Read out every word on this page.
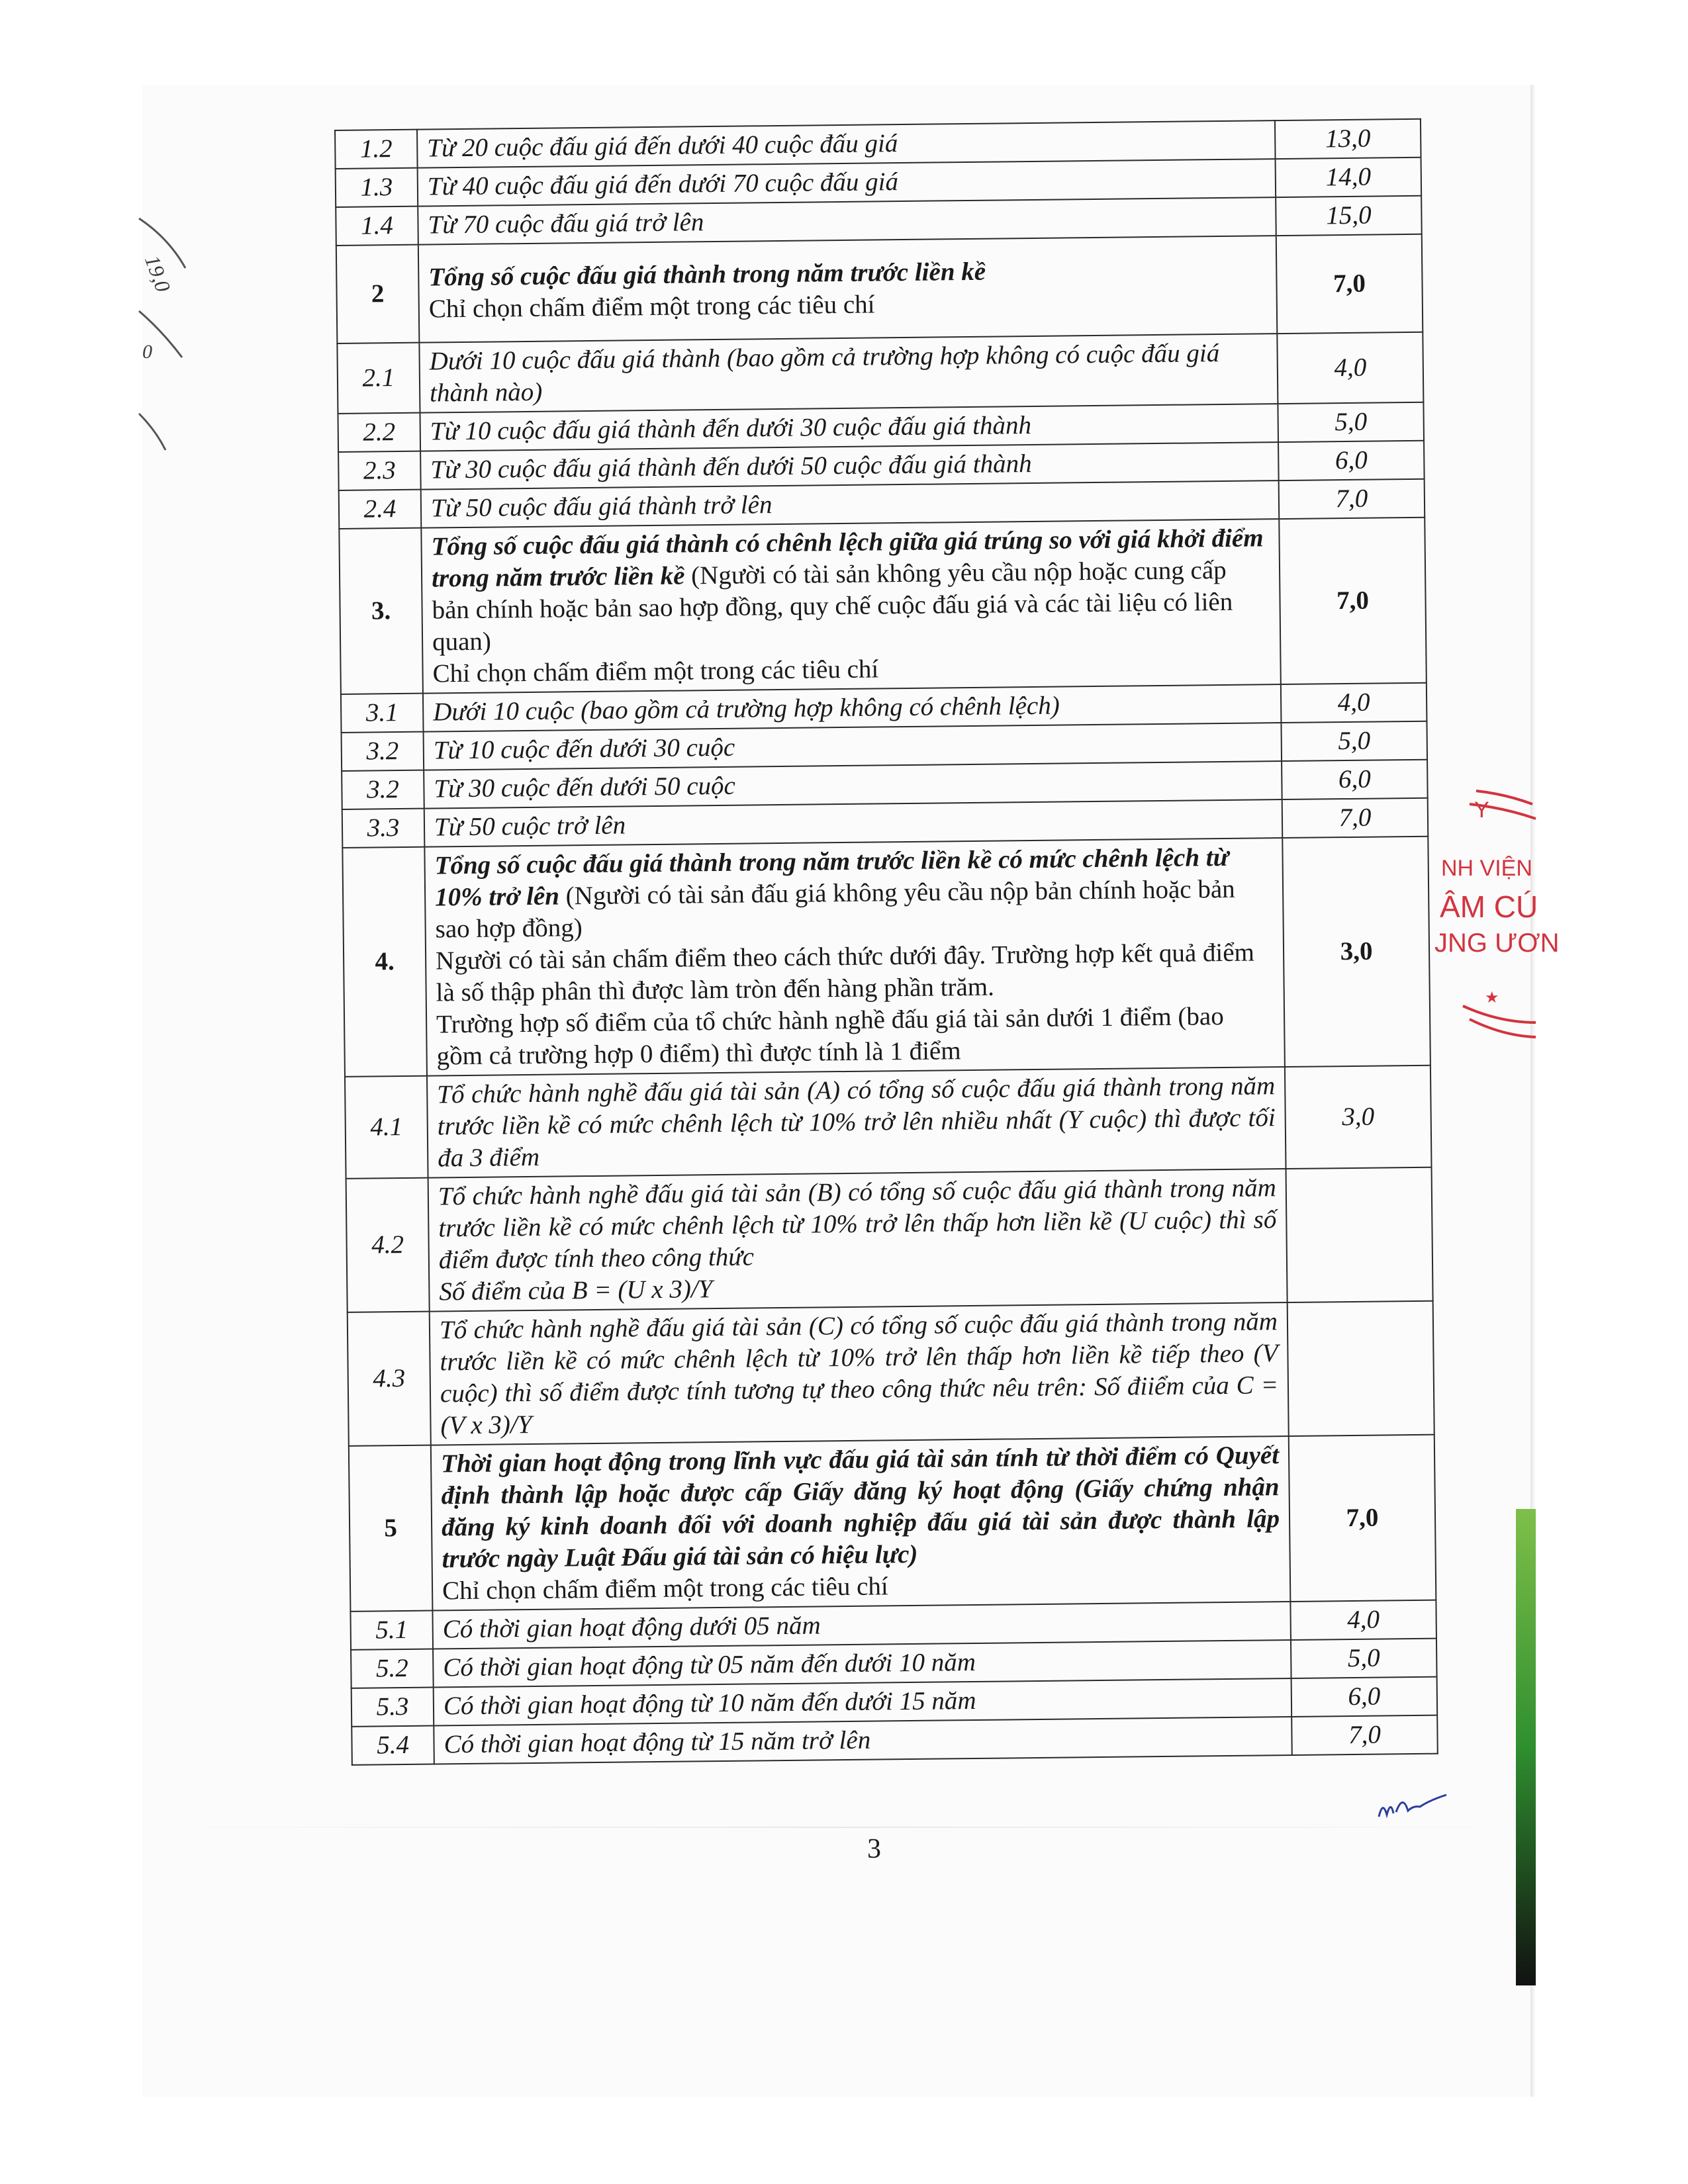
19,0
0
1.2	Từ 20 cuộc đấu giá đến dưới 40 cuộc đấu giá	13,0
1.3	Từ 40 cuộc đấu giá đến dưới 70 cuộc đấu giá	14,0
1.4	Từ 70 cuộc đấu giá trở lên	15,0
2	Tổng số cuộc đấu giá thành trong năm trước liền kề
Chỉ chọn chấm điểm một trong các tiêu chí	7,0
2.1	Dưới 10 cuộc đấu giá thành (bao gồm cả trường hợp không có cuộc đấu giá thành nào)	4,0
2.2	Từ 10 cuộc đấu giá thành đến dưới 30 cuộc đấu giá thành	5,0
2.3	Từ 30 cuộc đấu giá thành đến dưới 50 cuộc đấu giá thành	6,0
2.4	Từ 50 cuộc đấu giá thành trở lên	7,0
3.	Tổng số cuộc đấu giá thành có chênh lệch giữa giá trúng so với giá khởi điểm trong năm trước liền kề (Người có tài sản không yêu cầu nộp hoặc cung cấp bản chính hoặc bản sao hợp đồng, quy chế cuộc đấu giá và các tài liệu có liên quan)
Chỉ chọn chấm điểm một trong các tiêu chí	7,0
3.1	Dưới 10 cuộc (bao gồm cả trường hợp không có chênh lệch)	4,0
3.2	Từ 10 cuộc đến dưới 30 cuộc	5,0
3.2	Từ 30 cuộc đến dưới 50 cuộc	6,0
3.3	Từ 50 cuộc trở lên	7,0
4.	Tổng số cuộc đấu giá thành trong năm trước liền kề có mức chênh lệch từ 10% trở lên (Người có tài sản đấu giá không yêu cầu nộp bản chính hoặc bản sao hợp đồng)
Người có tài sản chấm điểm theo cách thức dưới đây. Trường hợp kết quả điểm là số thập phân thì được làm tròn đến hàng phần trăm.
Trường hợp số điểm của tổ chức hành nghề đấu giá tài sản dưới 1 điểm (bao gồm cả trường hợp 0 điểm) thì được tính là 1 điểm	3,0
4.1	Tổ chức hành nghề đấu giá tài sản (A) có tổng số cuộc đấu giá thành trong năm trước liền kề có mức chênh lệch từ 10% trở lên nhiều nhất (Y cuộc) thì được tối đa 3 điểm	3,0
4.2	Tổ chức hành nghề đấu giá tài sản (B) có tổng số cuộc đấu giá thành trong năm trước liền kề có mức chênh lệch từ 10% trở lên thấp hơn liền kề (U cuộc) thì số điểm được tính theo công thức
Số điểm của B = (U x 3)/Y	

4.3	Tổ chức hành nghề đấu giá tài sản (C) có tổng số cuộc đấu giá thành trong năm trước liền kề có mức chênh lệch từ 10% trở lên thấp hơn liền kề tiếp theo (V cuộc) thì số điểm được tính tương tự theo công thức nêu trên: Số điiểm của C = (V x 3)/Y	
5	Thời gian hoạt động trong lĩnh vực đấu giá tài sản tính từ thời điểm có Quyết định thành lập hoặc được cấp Giấy đăng ký hoạt động (Giấy chứng nhận đăng ký kinh doanh đối với doanh nghiệp đấu giá tài sản được thành lập trước ngày Luật Đấu giá tài sản có hiệu lực)
Chỉ chọn chấm điểm một trong các tiêu chí	7,0
5.1	Có thời gian hoạt động dưới 05 năm	4,0
5.2	Có thời gian hoạt động từ 05 năm đến dưới 10 năm	5,0
5.3	Có thời gian hoạt động từ 10 năm đến dưới 15 năm	6,0
5.4	Có thời gian hoạt động từ 15 năm trở lên	7,0
Y
NH VIỆN
ÂM CÚ
JNG ƯƠN
★
3
